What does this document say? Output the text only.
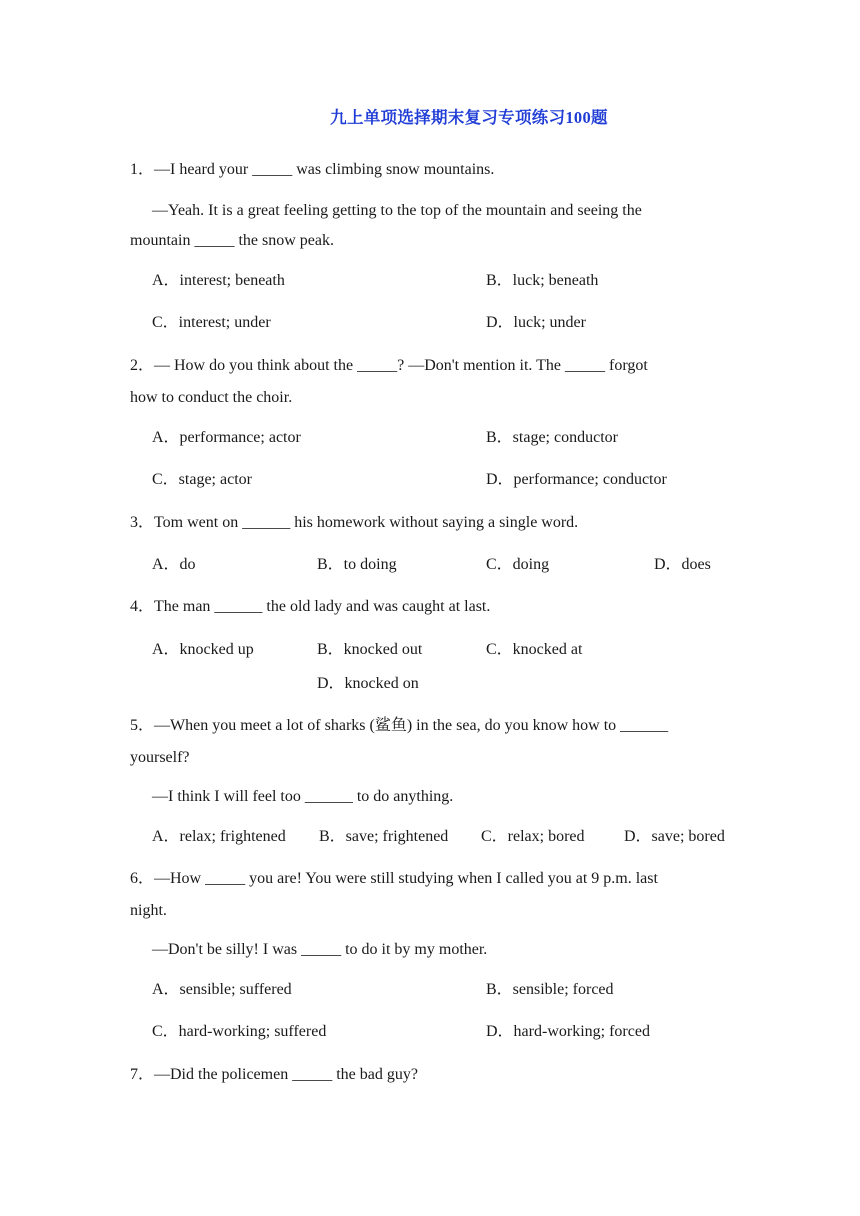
九上单项选择期末复习专项练习100题
1．—I heard your _____ was climbing snow mountains.
—Yeah. It is a great feeling getting to the top of the mountain and seeing the
mountain _____ the snow peak.
A．interest; beneath	B．luck; beneath
C．interest; under	D．luck; under
2．— How do you think about the _____? —Don't mention it. The _____ forgot
how to conduct the choir.
A．performance; actor	B．stage; conductor
C．stage; actor	D．performance; conductor
3．Tom went on ______ his homework without saying a single word.
A．do	B．to doing	C．doing	D．does
4．The man ______ the old lady and was caught at last.
A．knocked up	B．knocked out	C．knocked at
D．knocked on
5．—When you meet a lot of sharks (鲨鱼) in the sea, do you know how to ______
yourself?
—I think I will feel too ______ to do anything.
A．relax; frightened B．save; frightened C．relax; bored D．save; bored
6．—How _____ you are! You were still studying when I called you at 9 p.m. last
night.
—Don't be silly! I was _____ to do it by my mother.
A．sensible; suffered	B．sensible; forced
C．hard-working; suffered	D．hard-working; forced
7．—Did the policemen _____ the bad guy?
